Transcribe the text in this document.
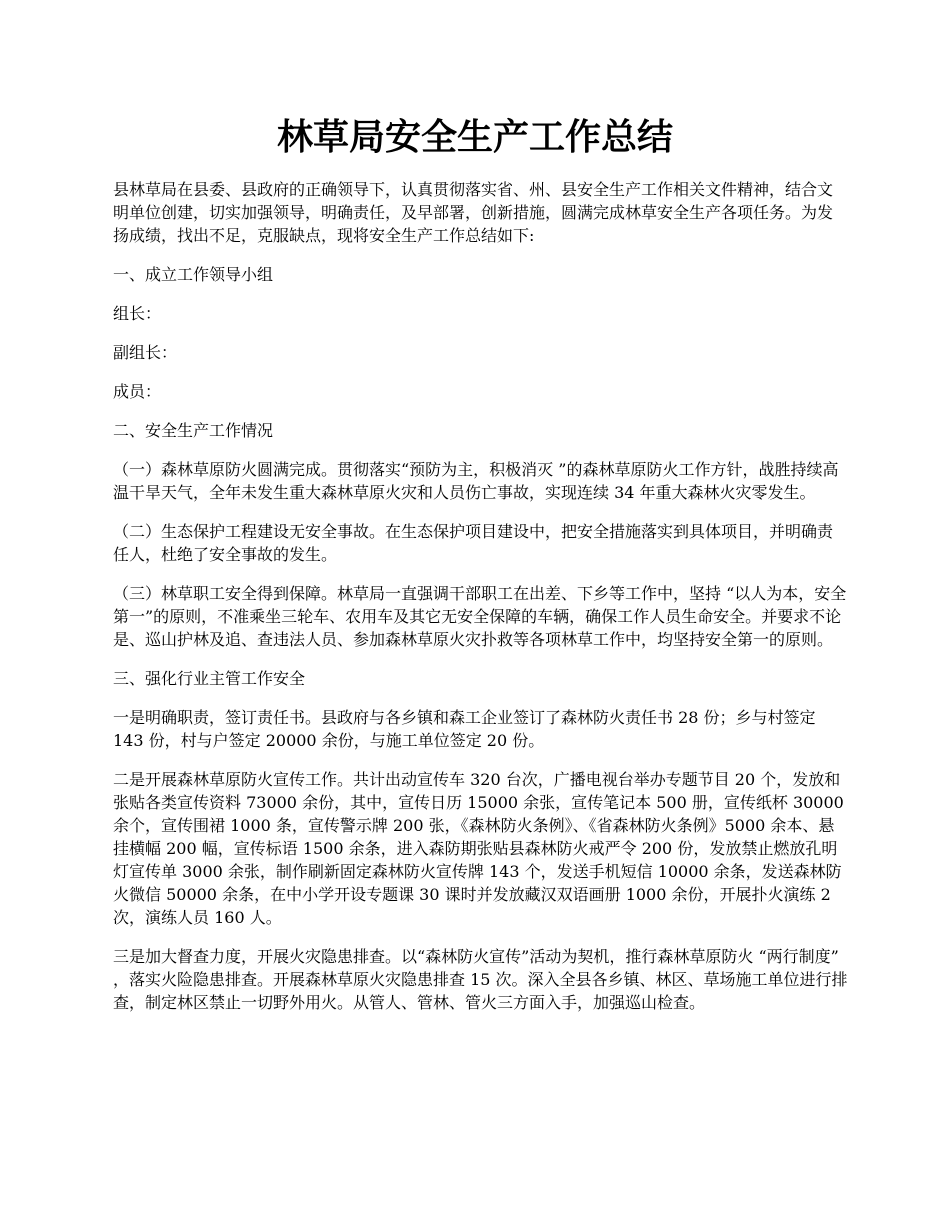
林草局安全生产工作总结

县林草局在县委、县政府的正确领导下，认真贯彻落实省、州、县安全生产工作相关文件精神，结合文明单位创建，切实加强领导，明确责任，及早部署，创新措施，圆满完成林草安全生产各项任务。为发扬成绩，找出不足，克服缺点，现将安全生产工作总结如下:

一、成立工作领导小组

组长：

副组长：

成员：

二、安全生产工作情况

（一）森林草原防火圆满完成。贯彻落实“预防为主，积极消灭 ”的森林草原防火工作方针，战胜持续高温干旱天气，全年未发生重大森林草原火灾和人员伤亡事故，实现连续 34 年重大森林火灾零发生。

（二）生态保护工程建设无安全事故。在生态保护项目建设中，把安全措施落实到具体项目，并明确责任人，杜绝了安全事故的发生。

（三）林草职工安全得到保障。林草局一直强调干部职工在出差、下乡等工作中，坚持 “以人为本，安全第一”的原则，不准乘坐三轮车、农用车及其它无安全保障的车辆，确保工作人员生命安全。并要求不论是、巡山护林及追、查违法人员、参加森林草原火灾扑救等各项林草工作中，均坚持安全第一的原则。

三、强化行业主管工作安全

一是明确职责，签订责任书。县政府与各乡镇和森工企业签订了森林防火责任书 28 份；乡与村签定 143 份，村与户签定 20000 余份，与施工单位签定 20 份。

二是开展森林草原防火宣传工作。共计出动宣传车 320 台次，广播电视台举办专题节目 20 个，发放和张贴各类宣传资料 73000 余份，其中，宣传日历 15000 余张，宣传笔记本 500 册，宣传纸杯 30000 余个，宣传围裙 1000 条，宣传警示牌 200 张，《森林防火条例》、《省森林防火条例》5000 余本、悬挂横幅 200 幅，宣传标语 1500 余条，进入森防期张贴县森林防火戒严令 200 份，发放禁止燃放孔明灯宣传单 3000 余张，制作刷新固定森林防火宣传牌 143 个，发送手机短信 10000 余条，发送森林防火微信 50000 余条，在中小学开设专题课 30 课时并发放藏汉双语画册 1000 余份，开展扑火演练 2 次，演练人员 160 人。

三是加大督查力度，开展火灾隐患排查。以“森林防火宣传”活动为契机，推行森林草原防火 “两行制度” ，落实火险隐患排查。开展森林草原火灾隐患排查 15 次。深入全县各乡镇、林区、草场施工单位进行排查，制定林区禁止一切野外用火。从管人、管林、管火三方面入手，加强巡山检查。
